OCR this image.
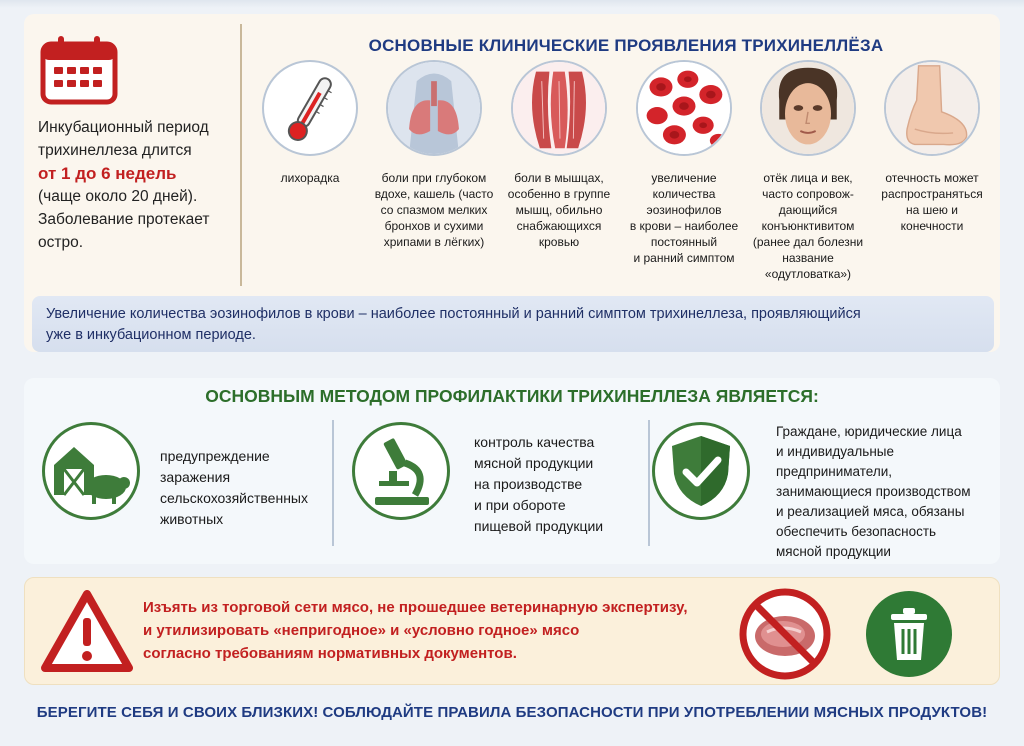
Инкубационный период
трихинеллеза длится
от 1 до 6 недель
(чаще около 20 дней).
Заболевание протекает
остро.
ОСНОВНЫЕ КЛИНИЧЕСКИЕ ПРОЯВЛЕНИЯ ТРИХИНЕЛЛЁЗА
лихорадка	боли при глубоком
вдохе, кашель (часто
со спазмом мелких
бронхов и сухими
хрипами в лёгких)
боли в мышцах,
особенно в группе
мышц, обильно
снабжающихся
кровью
увеличение
количества
эозинофилов
в крови – наиболее
постоянный
и ранний симптом
отёк лица и век,
часто сопровож-
дающийся
конъюнктивитом
(ранее дал болезни
название
«одутловатка»)
отечность может
распространяться
на шею и
конечности
Увеличение количества эозинофилов в крови – наиболее постоянный и ранний симптом трихинеллеза, проявляющийся
уже в инкубационном периоде.
ОСНОВНЫМ МЕТОДОМ ПРОФИЛАКТИКИ ТРИХИНЕЛЛЕЗА ЯВЛЯЕТСЯ:
предупреждение
заражения
сельскохозяйственных
животных
контроль качества
мясной продукции
на производстве
и при обороте
пищевой продукции
Граждане, юридические лица
и индивидуальные
предприниматели,
занимающиеся производством
и реализацией мяса, обязаны
обеспечить безопасность
мясной продукции
Изъять из торговой сети мясо, не прошедшее ветеринарную экспертизу,
и утилизировать «непригодное» и «условно годное» мясо
согласно требованиям нормативных документов.
БЕРЕГИТЕ СЕБЯ И СВОИХ БЛИЗКИХ! СОБЛЮДАЙТЕ ПРАВИЛА БЕЗОПАСНОСТИ ПРИ УПОТРЕБЛЕНИИ МЯСНЫХ ПРОДУКТОВ!
